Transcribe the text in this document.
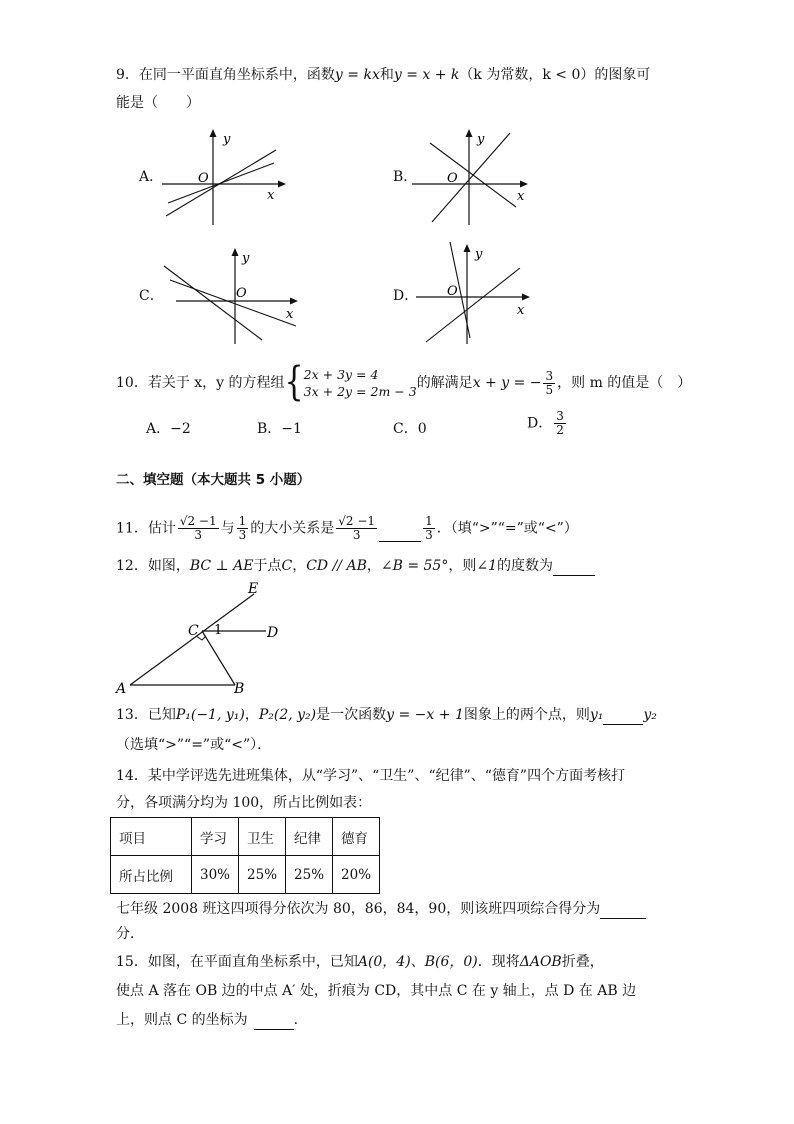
9．在同一平面直角坐标系中，函数y = kx和y = x + k（k 为常数，k < 0）的图象可
能是（　　）
A．
y
x
O	B．
y
x
O
C．
y
x
O	D．
y
x
O
10．若关于 x，y 的方程组{ 2x + 3y = 4
3x + 2y = 2m − 3
的解满足x + y = − $\frac{3}{5}$ ，则 m 的值是（　）
A．−2	B．−1	C．0	D． $\frac{3}{2}$
二、填空题（本大题共 5 小题）
11．估计 $\frac{√2 -1}{3}$ 与 $\frac{1}{3}$ 的大小关系是 $\frac{√2 -1}{3}$	$\frac{1}{3}$ ．（填“>”“=”或“<”）
12．如图，BC ⊥ AE于点C，CD // AB，∠B = 55°，则∠1的度数为
E
C 1	D
A	B
13．已知P₁(−1, y₁)，P₂(2, y₂)是一次函数y = −x + 1图象上的两个点，则y₁	y₂
（选填“>”“=”或“<”）．
14．某中学评选先进班集体，从“学习”、“卫生”、“纪律”、“德育”四个方面考核打
分，各项满分均为 100，所占比例如表：
项目	学习	卫生	纪律	德育
所占比例	30%	25%	25%	20%
七年级 2008 班这四项得分依次为 80，86，84，90，则该班四项综合得分为
分．
15．如图，在平面直角坐标系中，已知A(0，4)、B(6，0)．现将ΔAOB折叠，
使点 A 落在 OB 边的中点 A′ 处，折痕为 CD，其中点 C 在 y 轴上，点 D 在 AB 边
上，则点 C 的坐标为	.
